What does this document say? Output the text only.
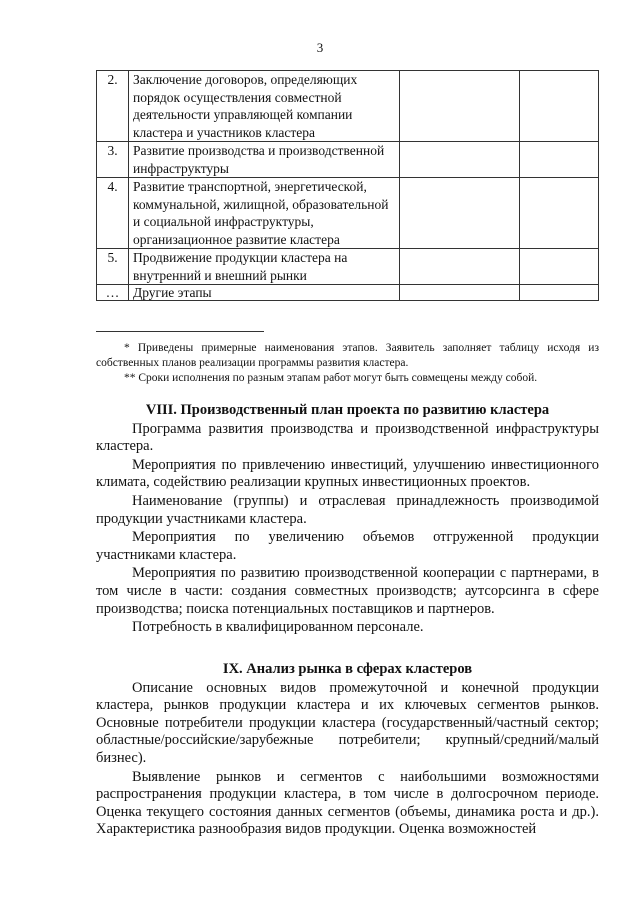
3
2.	Заключение договоров, определяющих порядок осуществления совместной деятельности управляющей компании кластера и участников кластера		
3.	Развитие производства и производственной инфраструктуры		
4.	Развитие транспортной, энергетической, коммунальной, жилищной, образовательной и социальной инфраструктуры, организационное развитие кластера		
5.	Продвижение продукции кластера на внутренний и внешний рынки		
…	Другие этапы		

* Приведены примерные наименования этапов. Заявитель заполняет таблицу исходя из собственных планов реализации программы развития кластера.

** Сроки исполнения по разным этапам работ могут быть совмещены между собой.

VIII. Производственный план проекта по развитию кластера

Программа развития производства и производственной инфраструктуры кластера.

Мероприятия по привлечению инвестиций, улучшению инвестиционного климата, содействию реализации крупных инвестиционных проектов.

Наименование (группы) и отраслевая принадлежность производимой продукции участниками кластера.

Мероприятия по увеличению объемов отгруженной продукции участниками кластера.

Мероприятия по развитию производственной кооперации с партнерами, в том числе в части: создания совместных производств; аутсорсинга в сфере производства; поиска потенциальных поставщиков и партнеров.

Потребность в квалифицированном персонале.

IX. Анализ рынка в сферах кластеров

Описание основных видов промежуточной и конечной продукции кластера, рынков продукции кластера и их ключевых сегментов рынков. Основные потребители продукции кластера (государственный/частный сектор; областные/российские/зарубежные потребители; крупный/средний/малый бизнес).

Выявление рынков и сегментов с наибольшими возможностями распространения продукции кластера, в том числе в долгосрочном периоде. Оценка текущего состояния данных сегментов (объемы, динамика роста и др.). Характеристика разнообразия видов продукции. Оценка возможностей
